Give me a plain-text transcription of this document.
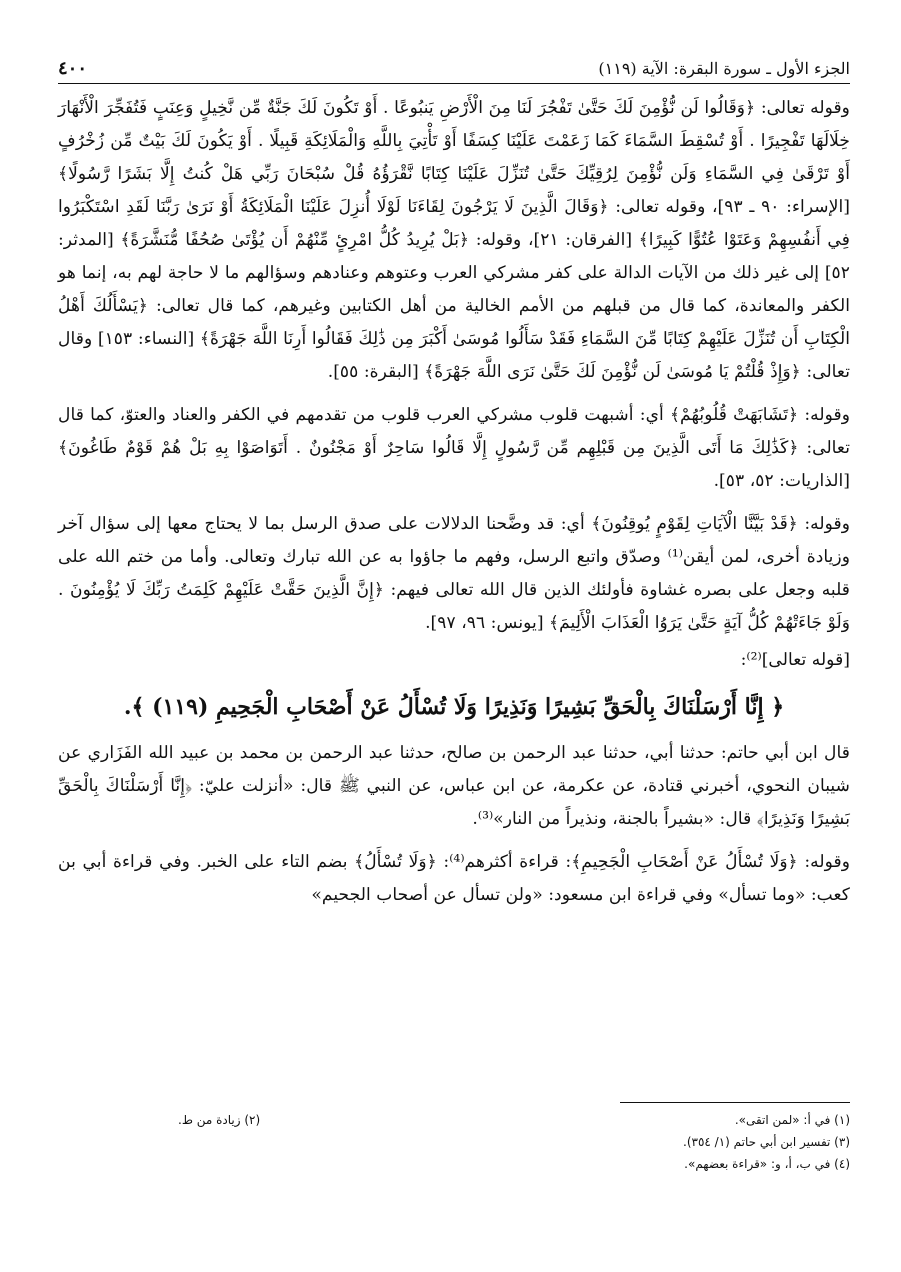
الجزء الأول ـ سورة البقرة: الآية (١١٩)
٤٠٠

وقوله تعالى: ﴿وَقَالُوا لَن نُّؤْمِنَ لَكَ حَتَّىٰ تَفْجُرَ لَنَا مِنَ الْأَرْضِ يَنبُوعًا . أَوْ تَكُونَ لَكَ جَنَّةٌ مِّن نَّخِيلٍ وَعِنَبٍ فَتُفَجِّرَ الْأَنْهَارَ خِلَالَهَا تَفْجِيرًا . أَوْ تُسْقِطَ السَّمَاءَ كَمَا زَعَمْتَ عَلَيْنَا كِسَفًا أَوْ تَأْتِيَ بِاللَّهِ وَالْمَلَائِكَةِ قَبِيلًا . أَوْ يَكُونَ لَكَ بَيْتٌ مِّن زُخْرُفٍ أَوْ تَرْقَىٰ فِي السَّمَاءِ وَلَن نُّؤْمِنَ لِرُقِيِّكَ حَتَّىٰ تُنَزِّلَ عَلَيْنَا كِتَابًا نَّقْرَؤُهُ قُلْ سُبْحَانَ رَبِّي هَلْ كُنتُ إِلَّا بَشَرًا رَّسُولًا﴾ [الإسراء: ٩٠ ـ ٩٣]، وقوله تعالى: ﴿وَقَالَ الَّذِينَ لَا يَرْجُونَ لِقَاءَنَا لَوْلَا أُنزِلَ عَلَيْنَا الْمَلَائِكَةُ أَوْ نَرَىٰ رَبَّنَا لَقَدِ اسْتَكْبَرُوا فِي أَنفُسِهِمْ وَعَتَوْا عُتُوًّا كَبِيرًا﴾ [الفرقان: ٢١]، وقوله: ﴿بَلْ يُرِيدُ كُلُّ امْرِئٍ مِّنْهُمْ أَن يُؤْتَىٰ صُحُفًا مُّنَشَّرَةً﴾ [المدثر: ٥٢] إلى غير ذلك من الآيات الدالة على كفر مشركي العرب وعتوهم وعنادهم وسؤالهم ما لا حاجة لهم به، إنما هو الكفر والمعاندة، كما قال من قبلهم من الأمم الخالية من أهل الكتابين وغيرهم، كما قال تعالى: ﴿يَسْأَلُكَ أَهْلُ الْكِتَابِ أَن تُنَزِّلَ عَلَيْهِمْ كِتَابًا مِّنَ السَّمَاءِ فَقَدْ سَأَلُوا مُوسَىٰ أَكْبَرَ مِن ذَٰلِكَ فَقَالُوا أَرِنَا اللَّهَ جَهْرَةً﴾ [النساء: ١٥٣] وقال تعالى: ﴿وَإِذْ قُلْتُمْ يَا مُوسَىٰ لَن نُّؤْمِنَ لَكَ حَتَّىٰ نَرَى اللَّهَ جَهْرَةً﴾ [البقرة: ٥٥].

وقوله: ﴿تَشَابَهَتْ قُلُوبُهُمْ﴾ أي: أشبهت قلوب مشركي العرب قلوب من تقدمهم في الكفر والعناد والعتوّ، كما قال تعالى: ﴿كَذَٰلِكَ مَا أَتَى الَّذِينَ مِن قَبْلِهِم مِّن رَّسُولٍ إِلَّا قَالُوا سَاحِرٌ أَوْ مَجْنُونٌ . أَتَوَاصَوْا بِهِ بَلْ هُمْ قَوْمٌ طَاغُونَ﴾ [الذاريات: ٥٢، ٥٣].

وقوله: ﴿قَدْ بَيَّنَّا الْآيَاتِ لِقَوْمٍ يُوقِنُونَ﴾ أي: قد وضَّحنا الدلالات على صدق الرسل بما لا يحتاج معها إلى سؤال آخر وزيادة أخرى، لمن أيقن⁽¹⁾ وصدّق واتبع الرسل، وفهم ما جاؤوا به عن الله تبارك وتعالى. وأما من ختم الله على قلبه وجعل على بصره غشاوة فأولئك الذين قال الله تعالى فيهم: ﴿إِنَّ الَّذِينَ حَقَّتْ عَلَيْهِمْ كَلِمَتُ رَبِّكَ لَا يُؤْمِنُونَ . وَلَوْ جَاءَتْهُمْ كُلُّ آيَةٍ حَتَّىٰ يَرَوُا الْعَذَابَ الْأَلِيمَ﴾ [يونس: ٩٦، ٩٧].

[قوله تعالى]⁽²⁾:

﴿ إِنَّا أَرْسَلْنَاكَ بِالْحَقِّ بَشِيرًا وَنَذِيرًا وَلَا تُسْأَلُ عَنْ أَصْحَابِ الْجَحِيمِ (١١٩) ﴾.

قال ابن أبي حاتم: حدثنا أبي، حدثنا عبد الرحمن بن صالح، حدثنا عبد الرحمن بن محمد بن عبيد الله الفَزَاري عن شيبان النحوي، أخبرني قتادة، عن عكرمة، عن ابن عباس، عن النبي ﷺ قال: «أنزلت عليّ: ﴿إِنَّا أَرْسَلْنَاكَ بِالْحَقِّ بَشِيرًا وَنَذِيرًا﴾ قال: «بشيراً بالجنة، ونذيراً من النار»⁽³⁾.

وقوله: ﴿وَلَا تُسْأَلُ عَنْ أَصْحَابِ الْجَحِيمِ﴾: قراءة أكثرهم⁽⁴⁾: ﴿وَلَا تُسْأَلُ﴾ بضم التاء على الخبر. وفي قراءة أبي بن كعب: «وما تسأل» وفي قراءة ابن مسعود: «ولن تسأل عن أصحاب الجحيم»

(١) في أ: «لمن اتقى».
(٢) زيادة من ط.
(٣) تفسير ابن أبي حاتم (١/ ٣٥٤).
(٤) في ب، أ، و: «قراءة بعضهم».
